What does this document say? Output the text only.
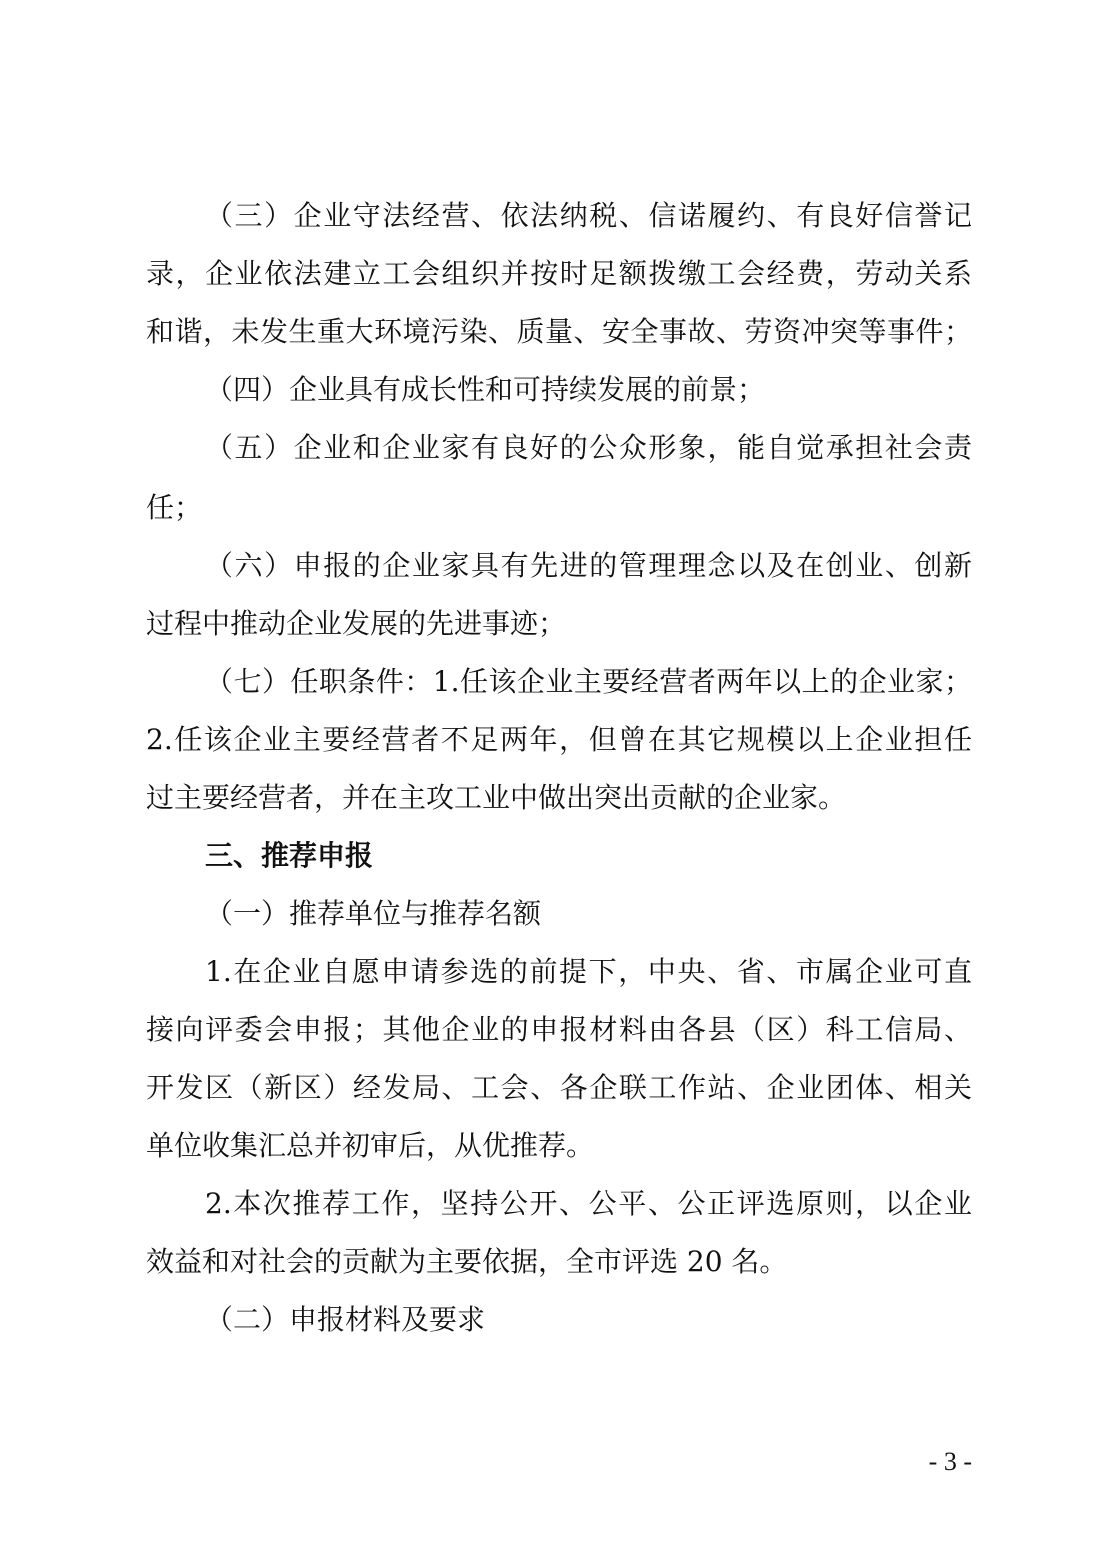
（三）企业守法经营、依法纳税、信诺履约、有良好信誉记
录，企业依法建立工会组织并按时足额拨缴工会经费，劳动关系
和谐，未发生重大环境污染、质量、安全事故、劳资冲突等事件；
（四）企业具有成长性和可持续发展的前景；
（五）企业和企业家有良好的公众形象，能自觉承担社会责
任；
（六）申报的企业家具有先进的管理理念以及在创业、创新
过程中推动企业发展的先进事迹；
（七）任职条件：1.任该企业主要经营者两年以上的企业家；
2.任该企业主要经营者不足两年，但曾在其它规模以上企业担任
过主要经营者，并在主攻工业中做出突出贡献的企业家。
三、推荐申报
（一）推荐单位与推荐名额
1.在企业自愿申请参选的前提下，中央、省、市属企业可直
接向评委会申报；其他企业的申报材料由各县（区）科工信局、
开发区（新区）经发局、工会、各企联工作站、企业团体、相关
单位收集汇总并初审后，从优推荐。
2.本次推荐工作，坚持公开、公平、公正评选原则，以企业
效益和对社会的贡献为主要依据，全市评选 20 名。
（二）申报材料及要求
- 3 -
